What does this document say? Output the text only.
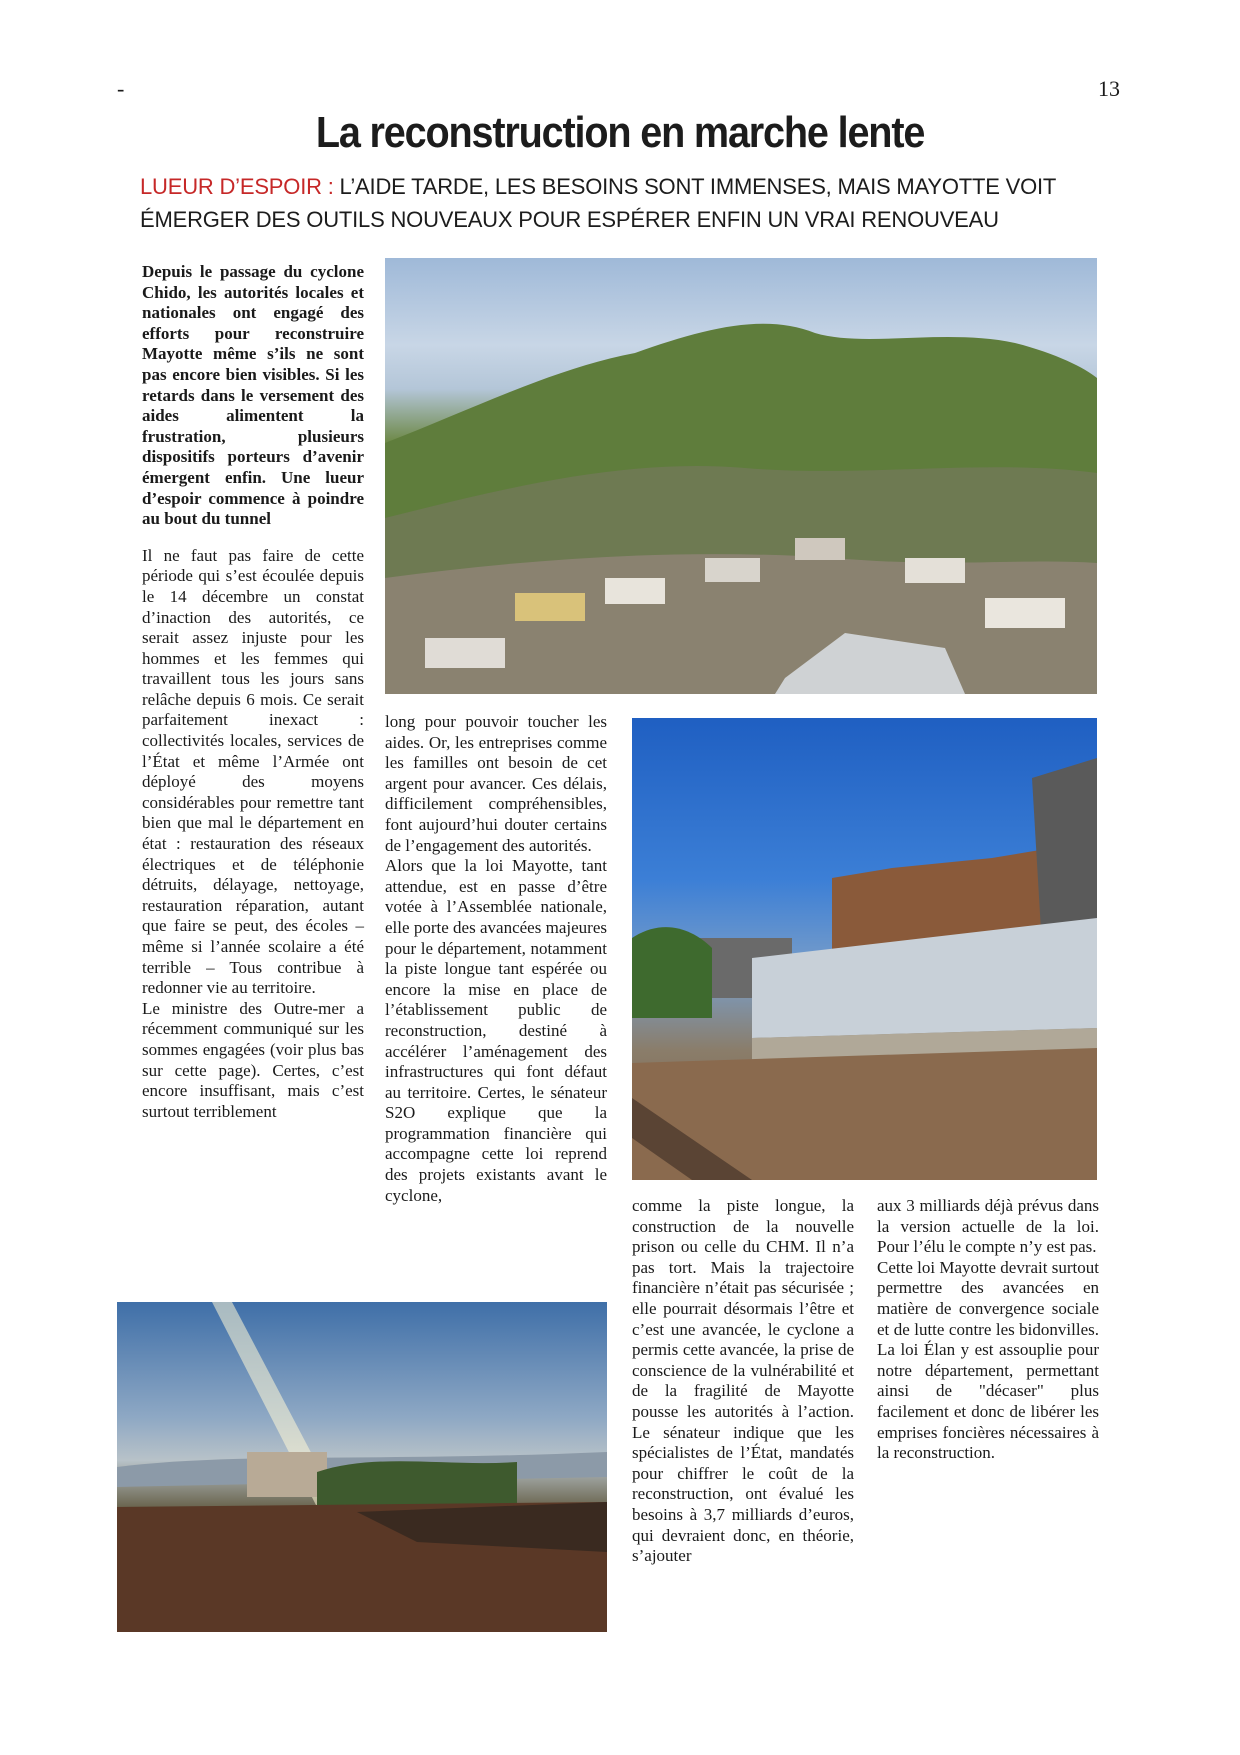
-	13
La reconstruction en marche lente
LUEUR D’ESPOIR : L’AIDE TARDE, LES BESOINS SONT IMMENSES, MAIS MAYOTTE VOIT ÉMERGER DES OUTILS NOUVEAUX POUR ESPÉRER ENFIN UN VRAI RENOUVEAU

Depuis le passage du cyclone Chido, les autorités locales et nationales ont engagé des efforts pour reconstruire Mayotte même s’ils ne sont pas encore bien visibles. Si les retards dans le versement des aides alimentent la frustration, plusieurs dispositifs porteurs d’avenir émergent enfin. Une lueur d’espoir commence à poindre au bout du tunnel

Il ne faut pas faire de cette période qui s’est écoulée depuis le 14 décembre un constat d’inaction des autorités, ce serait assez injuste pour les hommes et les femmes qui travaillent tous les jours sans relâche depuis 6 mois. Ce serait parfaitement inexact : collectivités locales, services de l’État et même l’Armée ont déployé des moyens considérables pour remettre tant bien que mal le département en état : restauration des réseaux électriques et de téléphonie détruits, délayage, nettoyage, restauration réparation, autant que faire se peut, des écoles – même si l’année scolaire a été terrible – Tous contribue à redonner vie au territoire.

Le ministre des Outre-mer a récemment communiqué sur les sommes engagées (voir plus bas sur cette page). Certes, c’est encore insuffisant, mais c’est surtout terriblement

long pour pouvoir toucher les aides. Or, les entreprises comme les familles ont besoin de cet argent pour avancer. Ces délais, difficilement compréhensibles, font aujourd’hui douter certains de l’engagement des autorités.

Alors que la loi Mayotte, tant attendue, est en passe d’être votée à l’Assemblée nationale, elle porte des avancées majeures pour le département, notamment la piste longue tant espérée ou encore la mise en place de l’établissement public de reconstruction, destiné à accélérer l’aménagement des infrastructures qui font défaut au territoire. Certes, le sénateur S2O explique que la programmation financière qui accompagne cette loi reprend des projets existants avant le cyclone,

comme la piste longue, la construction de la nouvelle prison ou celle du CHM. Il n’a pas tort. Mais la trajectoire financière n’était pas sécurisée ; elle pourrait désormais l’être et c’est une avancée, le cyclone a permis cette avancée, la prise de conscience de la vulnérabilité et de la fragilité de Mayotte pousse les autorités à l’action. Le sénateur indique que les spécialistes de l’État, mandatés pour chiffrer le coût de la reconstruction, ont évalué les besoins à 3,7 milliards d’euros, qui devraient donc, en théorie, s’ajouter

aux 3 milliards déjà prévus dans la version actuelle de la loi. Pour l’élu le compte n’y est pas.

Cette loi Mayotte devrait surtout permettre des avancées en matière de convergence sociale et de lutte contre les bidonvilles. La loi Élan y est assouplie pour notre département, permettant ainsi de "décaser" plus facilement et donc de libérer les emprises foncières nécessaires à la reconstruction.
